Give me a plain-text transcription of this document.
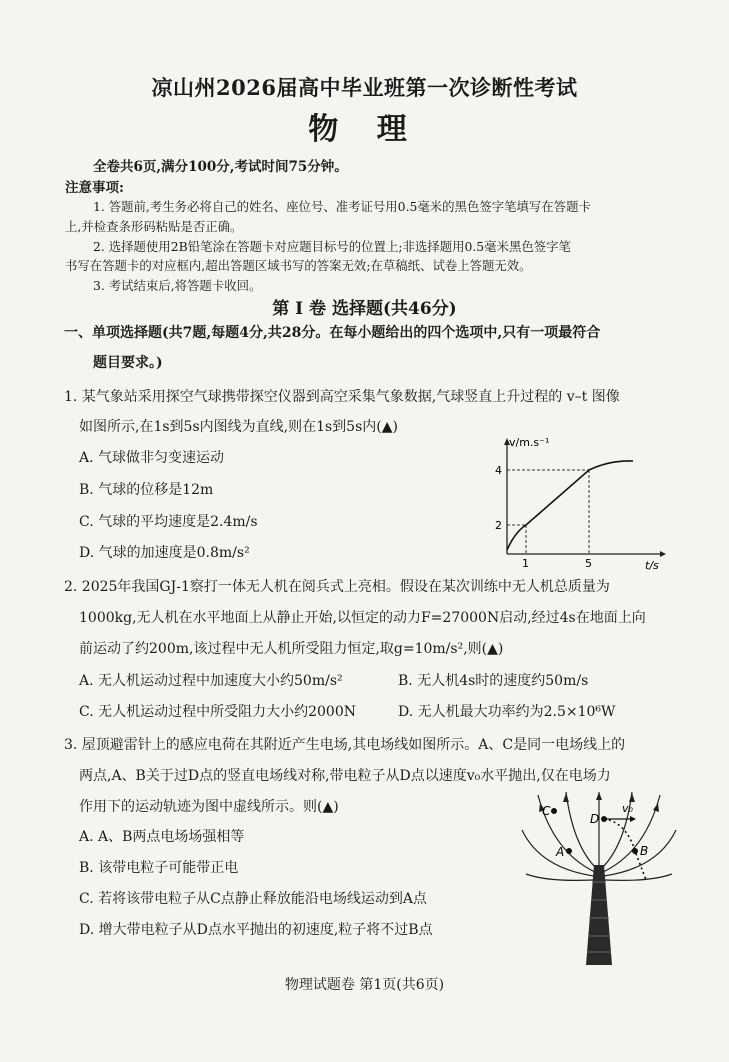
凉山州2026届高中毕业班第一次诊断性考试
物 理
全卷共6页,满分100分,考试时间75分钟。
注意事项:
1. 答题前,考生务必将自己的姓名、座位号、准考证号用0.5毫米的黑色签字笔填写在答题卡
上,并检查条形码粘贴是否正确。
2. 选择题使用2B铅笔涂在答题卡对应题目标号的位置上;非选择题用0.5毫米黑色签字笔
书写在答题卡的对应框内,超出答题区域书写的答案无效;在草稿纸、试卷上答题无效。
3. 考试结束后,将答题卡收回。
第 Ⅰ 卷 选择题(共46分)
一、单项选择题(共7题,每题4分,共28分。在每小题给出的四个选项中,只有一项最符合
题目要求。)
1. 某气象站采用探空气球携带探空仪器到高空采集气象数据,气球竖直上升过程的 v–t 图像
如图所示,在1s到5s内图线为直线,则在1s到5s内(▲)
A. 气球做非匀变速运动
B. 气球的位移是12m
C. 气球的平均速度是2.4m/s
D. 气球的加速度是0.8m/s²
v/m.s⁻¹
t/s
2
4
1	5
2. 2025年我国GJ-1察打一体无人机在阅兵式上亮相。假设在某次训练中无人机总质量为
1000kg,无人机在水平地面上从静止开始,以恒定的动力F=27000N启动,经过4s在地面上向
前运动了约200m,该过程中无人机所受阻力恒定,取g=10m/s²,则(▲)
A. 无人机运动过程中加速度大小约50m/s²	B. 无人机4s时的速度约50m/s
C. 无人机运动过程中所受阻力大小约2000N	D. 无人机最大功率约为2.5×10⁶W
3. 屋顶避雷针上的感应电荷在其附近产生电场,其电场线如图所示。A、C是同一电场线上的
两点,A、B关于过D点的竖直电场线对称,带电粒子从D点以速度v₀水平抛出,仅在电场力
作用下的运动轨迹为图中虚线所示。则(▲)
A. A、B两点电场场强相等
B. 该带电粒子可能带正电
C. 若将该带电粒子从C点静止释放能沿电场线运动到A点
D. 增大带电粒子从D点水平抛出的初速度,粒子将不过B点
C
D
v₀
A	B
物理试题卷 第1页(共6页)
